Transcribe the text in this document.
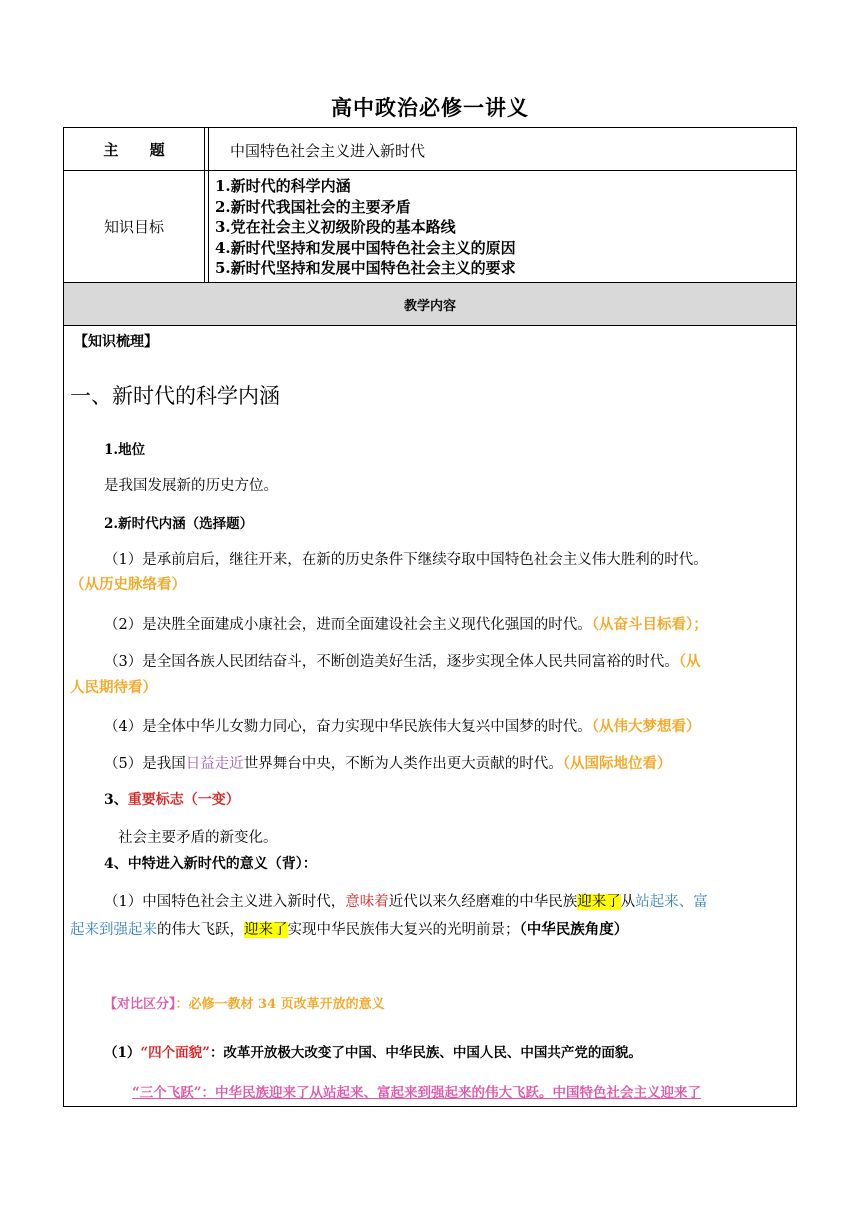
高中政治必修一讲义
主      题	中国特色社会主义进入新时代
知识目标
1.新时代的科学内涵
2.新时代我国社会的主要矛盾
3.党在社会主义初级阶段的基本路线
4.新时代坚持和发展中国特色社会主义的原因
5.新时代坚持和发展中国特色社会主义的要求
教学内容
【知识梳理】
一、新时代的科学内涵
1.地位
是我国发展新的历史方位。
2.新时代内涵（选择题）
（1）是承前启后，继往开来，在新的历史条件下继续夺取中国特色社会主义伟大胜利的时代。
（从历史脉络看）
（2）是决胜全面建成小康社会，进而全面建设社会主义现代化强国的时代。（从奋斗目标看）；
（3）是全国各族人民团结奋斗，不断创造美好生活，逐步实现全体人民共同富裕的时代。（从
人民期待看）
（4）是全体中华儿女勠力同心，奋力实现中华民族伟大复兴中国梦的时代。（从伟大梦想看）
（5）是我国日益走近世界舞台中央，不断为人类作出更大贡献的时代。（从国际地位看）
3、重要标志（一变）
社会主要矛盾的新变化。
4、中特进入新时代的意义（背）：
（1）中国特色社会主义进入新时代，意味着近代以来久经磨难的中华民族迎来了从站起来、富
起来到强起来的伟大飞跃，迎来了实现中华民族伟大复兴的光明前景；（中华民族角度）
【对比区分】：必修一教材 34 页改革开放的意义
（1）“四个面貌”：改革开放极大改变了中国、中华民族、中国人民、中国共产党的面貌。
“三个飞跃”：中华民族迎来了从站起来、富起来到强起来的伟大飞跃。中国特色社会主义迎来了
